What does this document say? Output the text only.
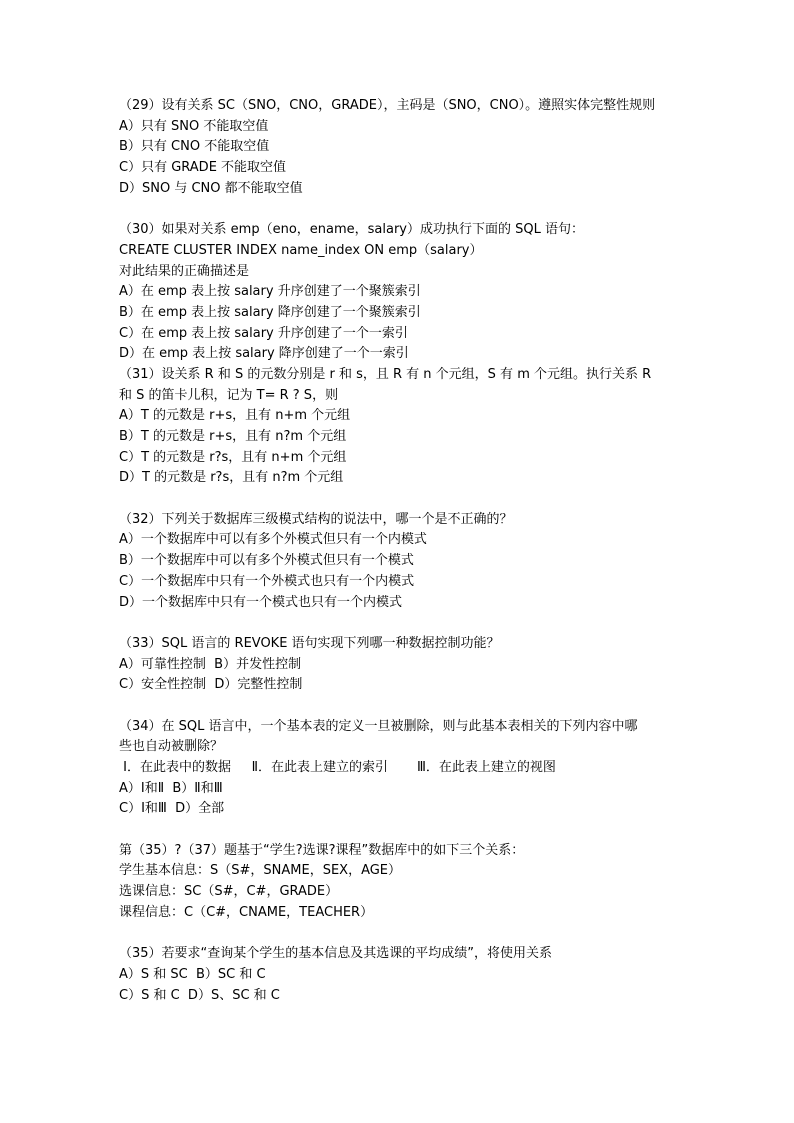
（29）设有关系 SC（SNO，CNO，GRADE），主码是（SNO，CNO）。遵照实体完整性规则
A）只有 SNO 不能取空值
B）只有 CNO 不能取空值
C）只有 GRADE 不能取空值
D）SNO 与 CNO 都不能取空值
（30）如果对关系 emp（eno，ename，salary）成功执行下面的 SQL 语句：
CREATE CLUSTER INDEX name_index ON emp（salary）
对此结果的正确描述是
A）在 emp 表上按 salary 升序创建了一个聚簇索引
B）在 emp 表上按 salary 降序创建了一个聚簇索引
C）在 emp 表上按 salary 升序创建了一个一索引
D）在 emp 表上按 salary 降序创建了一个一索引
（31）设关系 R 和 S 的元数分别是 r 和 s，且 R 有 n 个元组，S 有 m 个元组。执行关系 R
和 S 的笛卡儿积，记为 T= R ? S，则
A）T 的元数是 r+s，且有 n+m 个元组
B）T 的元数是 r+s，且有 n?m 个元组
C）T 的元数是 r?s，且有 n+m 个元组
D）T 的元数是 r?s，且有 n?m 个元组
（32）下列关于数据库三级模式结构的说法中，哪一个是不正确的？
A）一个数据库中可以有多个外模式但只有一个内模式
B）一个数据库中可以有多个外模式但只有一个模式
C）一个数据库中只有一个外模式也只有一个内模式
D）一个数据库中只有一个模式也只有一个内模式
（33）SQL 语言的 REVOKE 语句实现下列哪一种数据控制功能？
A）可靠性控制  B）并发性控制
C）安全性控制  D）完整性控制
（34）在 SQL 语言中，一个基本表的定义一旦被删除，则与此基本表相关的下列内容中哪
些也自动被删除？
Ⅰ．在此表中的数据     Ⅱ．在此表上建立的索引       Ⅲ．在此表上建立的视图
A）Ⅰ和Ⅱ  B）Ⅱ和Ⅲ
C）Ⅰ和Ⅲ  D）全部
第（35）?（37）题基于“学生?选课?课程”数据库中的如下三个关系：
学生基本信息：S（S#，SNAME，SEX，AGE）
选课信息：SC（S#，C#，GRADE）
课程信息：C（C#，CNAME，TEACHER）
（35）若要求“查询某个学生的基本信息及其选课的平均成绩”，将使用关系
A）S 和 SC  B）SC 和 C
C）S 和 C  D）S、SC 和 C
